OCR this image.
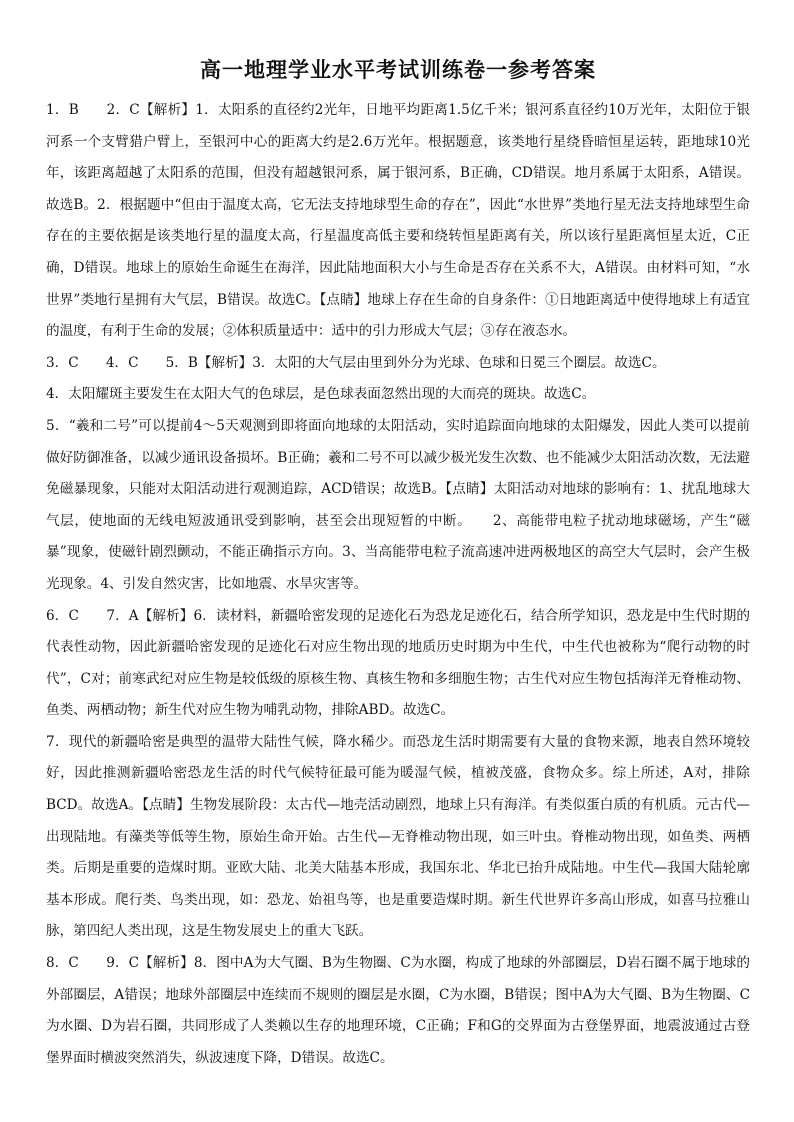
高一地理学业水平考试训练卷一参考答案

1．B　　2．C【解析】1．太阳系的直径约2光年，日地平均距离1.5亿千米；银河系直径约10万光年，太阳位于银河系一个支臂猎户臂上，至银河中心的距离大约是2.6万光年。根据题意，该类地行星绕昏暗恒星运转，距地球10光年，该距离超越了太阳系的范围，但没有超越银河系，属于银河系，B正确，CD错误。地月系属于太阳系，A错误。故选B。2．根据题中“但由于温度太高，它无法支持地球型生命的存在”，因此“水世界”类地行星无法支持地球型生命存在的主要依据是该类地行星的温度太高，行星温度高低主要和绕转恒星距离有关，所以该行星距离恒星太近，C正确，D错误。地球上的原始生命诞生在海洋，因此陆地面积大小与生命是否存在关系不大，A错误。由材料可知，“水世界”类地行星拥有大气层，B错误。故选C。【点睛】地球上存在生命的自身条件：①日地距离适中使得地球上有适宜的温度，有利于生命的发展；②体积质量适中：适中的引力形成大气层；③存在液态水。

3．C　　4．C　　5．B【解析】3．太阳的大气层由里到外分为光球、色球和日冕三个圈层。故选C。

4．太阳耀斑主要发生在太阳大气的色球层，是色球表面忽然出现的大而亮的斑块。故选C。

5．“羲和二号”可以提前4～5天观测到即将面向地球的太阳活动，实时追踪面向地球的太阳爆发，因此人类可以提前做好防御准备，以减少通讯设备损坏。B正确；羲和二号不可以减少极光发生次数、也不能减少太阳活动次数，无法避免磁暴现象，只能对太阳活动进行观测追踪，ACD错误；故选B。【点睛】太阳活动对地球的影响有：1、扰乱地球大气层，使地面的无线电短波通讯受到影响，甚至会出现短暂的中断。　　2、高能带电粒子扰动地球磁场，产生“磁暴”现象，使磁针剧烈颤动，不能正确指示方向。3、当高能带电粒子流高速冲进两极地区的高空大气层时，会产生极光现象。4、引发自然灾害，比如地震、水旱灾害等。

6．C　　7．A【解析】6．读材料，新疆哈密发现的足迹化石为恐龙足迹化石，结合所学知识，恐龙是中生代时期的代表性动物，因此新疆哈密发现的足迹化石对应生物出现的地质历史时期为中生代，中生代也被称为“爬行动物的时代”，C对；前寒武纪对应生物是较低级的原核生物、真核生物和多细胞生物；古生代对应生物包括海洋无脊椎动物、鱼类、两栖动物；新生代对应生物为哺乳动物，排除ABD。故选C。

7．现代的新疆哈密是典型的温带大陆性气候，降水稀少。而恐龙生活时期需要有大量的食物来源，地表自然环境较好，因此推测新疆哈密恐龙生活的时代气候特征最可能为暖湿气候，植被茂盛，食物众多。综上所述，A对，排除BCD。故选A。【点睛】生物发展阶段：太古代—地壳活动剧烈，地球上只有海洋。有类似蛋白质的有机质。元古代—出现陆地。有藻类等低等生物，原始生命开始。古生代—无脊椎动物出现，如三叶虫。脊椎动物出现，如鱼类、两栖类。后期是重要的造煤时期。亚欧大陆、北美大陆基本形成，我国东北、华北已抬升成陆地。中生代—我国大陆轮廓基本形成。爬行类、鸟类出现，如：恐龙、始祖鸟等，也是重要造煤时期。新生代世界许多高山形成，如喜马拉雅山脉，第四纪人类出现，这是生物发展史上的重大飞跃。

8．C　　9．C【解析】8．图中A为大气圈、B为生物圈、C为水圈，构成了地球的外部圈层，D岩石圈不属于地球的外部圈层，A错误；地球外部圈层中连续而不规则的圈层是水圈，C为水圈，B错误；图中A为大气圈、B为生物圈、C为水圈、D为岩石圈，共同形成了人类赖以生存的地理环境，C正确；F和G的交界面为古登堡界面，地震波通过古登堡界面时横波突然消失，纵波速度下降，D错误。故选C。
